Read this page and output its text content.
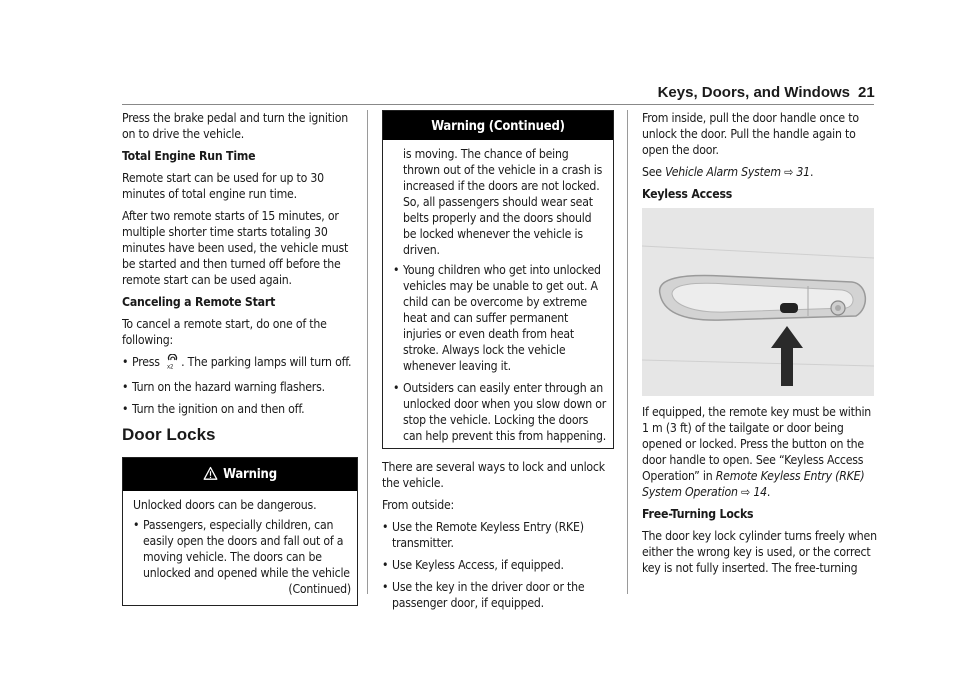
Keys, Doors, and Windows 21

Press the brake pedal and turn the ignition on to drive the vehicle.

Total Engine Run Time

Remote start can be used for up to 30 minutes of total engine run time.

After two remote starts of 15 minutes, or multiple shorter time starts totaling 30 minutes have been used, the vehicle must be started and then turned off before the remote start can be used again.

Canceling a Remote Start

To cancel a remote start, do one of the following:

• Press x2 . The parking lamps will turn off.
• Turn on the hazard warning flashers.
• Turn the ignition on and then off.
Door Locks
Warning

Unlocked doors can be dangerous.

• Passengers, especially children, can easily open the doors and fall out of a moving vehicle. The doors can be unlocked and opened while the vehicle

(Continued)

Warning (Continued)

is moving. The chance of being thrown out of the vehicle in a crash is increased if the doors are not locked. So, all passengers should wear seat belts properly and the doors should be locked whenever the vehicle is driven.

• Young children who get into unlocked vehicles may be unable to get out. A child can be overcome by extreme heat and can suffer permanent injuries or even death from heat stroke. Always lock the vehicle whenever leaving it.
• Outsiders can easily enter through an unlocked door when you slow down or stop the vehicle. Locking the doors can help prevent this from happening.

There are several ways to lock and unlock the vehicle.

From outside:

• Use the Remote Keyless Entry (RKE) transmitter.
• Use Keyless Access, if equipped.
• Use the key in the driver door or the passenger door, if equipped.

From inside, pull the door handle once to unlock the door. Pull the handle again to open the door.

See Vehicle Alarm System ⇨ 31.

Keyless Access

If equipped, the remote key must be within 1 m (3 ft) of the tailgate or door being opened or locked. Press the button on the door handle to open. See “Keyless Access Operation” in Remote Keyless Entry (RKE) System Operation ⇨ 14.

Free-Turning Locks

The door key lock cylinder turns freely when either the wrong key is used, or the correct key is not fully inserted. The free-turning
